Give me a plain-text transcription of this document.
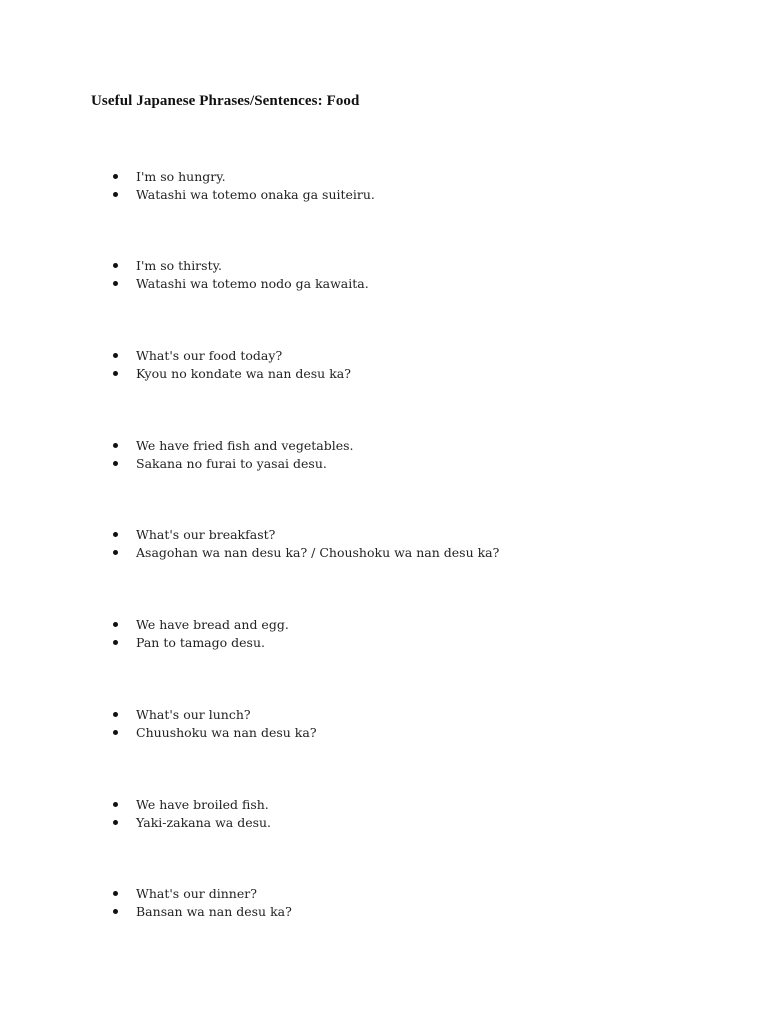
Useful Japanese Phrases/Sentences: Food
I'm so hungry.
Watashi wa totemo onaka ga suiteiru.
I'm so thirsty.
Watashi wa totemo nodo ga kawaita.
What's our food today?
Kyou no kondate wa nan desu ka?
We have fried fish and vegetables.
Sakana no furai to yasai desu.
What's our breakfast?
Asagohan wa nan desu ka? / Choushoku wa nan desu ka?
We have bread and egg.
Pan to tamago desu.
What's our lunch?
Chuushoku wa nan desu ka?
We have broiled fish.
Yaki-zakana wa desu.
What's our dinner?
Bansan wa nan desu ka?
